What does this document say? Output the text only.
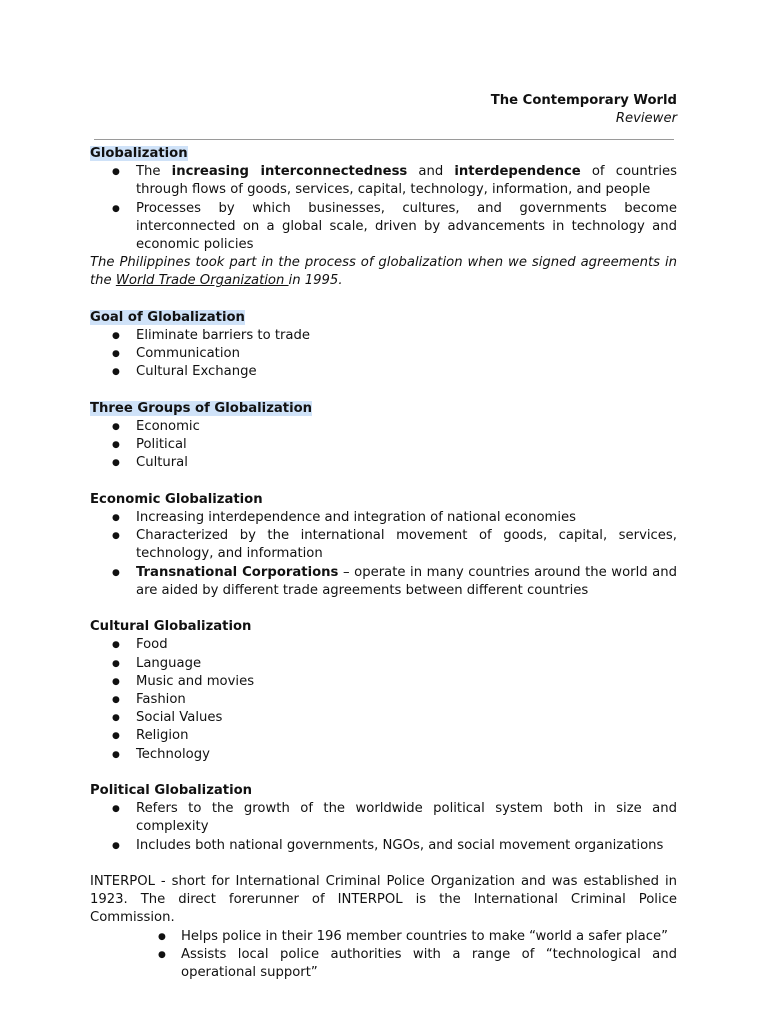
The Contemporary World
Reviewer
Globalization
● The increasing interconnectedness and interdependence of countries through flows of goods, services, capital, technology, information, and people
● Processes by which businesses, cultures, and governments become interconnected on a global scale, driven by advancements in technology and economic policies
The Philippines took part in the process of globalization when we signed agreements in the World Trade Organization in 1995.
Goal of Globalization
● Eliminate barriers to trade
● Communication
● Cultural Exchange
Three Groups of Globalization
● Economic
● Political
● Cultural
Economic Globalization
● Increasing interdependence and integration of national economies
● Characterized by the international movement of goods, capital, services, technology, and information
● Transnational Corporations – operate in many countries around the world and are aided by different trade agreements between different countries
Cultural Globalization
● Food
● Language
● Music and movies
● Fashion
● Social Values
● Religion
● Technology
Political Globalization
● Refers to the growth of the worldwide political system both in size and complexity
● Includes both national governments, NGOs, and social movement organizations
INTERPOL - short for International Criminal Police Organization and was established in 1923. The direct forerunner of INTERPOL is the International Criminal Police Commission.
● Helps police in their 196 member countries to make “world a safer place”
● Assists local police authorities with a range of “technological and operational support”
